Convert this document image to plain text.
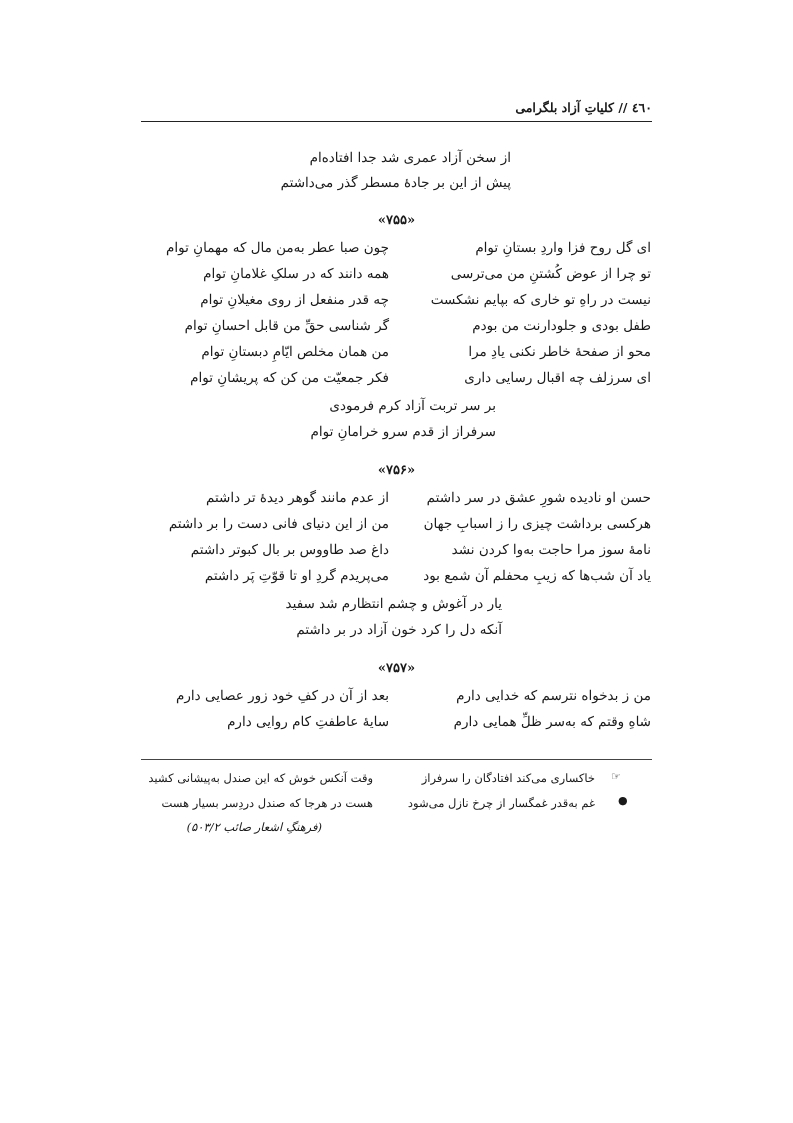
٤٦٠ // کلیاتِ آزاد بلگرامی
از سخن آزاد عمری شد جدا افتاده‌ام
پیش از این بر جادهٔ مسطر گذر می‌داشتم
«۷۵۵»
ای گل روح فزا واردِ بستانِ توام
چون صبا عطر به‌من مال که مهمانِ توام
تو چرا از عوض کُشتنِ من می‌ترسی
همه دانند که در سلکِ غلامانِ توام
نیست در راهِ تو خاری که بپایم نشکست
چه قدر منفعل از روی مغیلانِ توام
طفل بودی و جلودارنت من بودم
گر شناسی حقِّ من قابل احسانِ توام
محو از صفحهٔ خاطر نکنی یادِ مرا
من همان مخلص ایّامِ دبستانِ توام
ای سرزلف چه اقبال رسایی داری
فکر جمعیّت من کن که پریشانِ توام
بر سر تربت آزاد کرم فرمودی
سرفراز از قدم سرو خرامانِ توام
«۷۵۶»
حسن او نادیده شورِ عشق در سر داشتم
از عدم مانند گوهر دیدهٔ تر داشتم
هرکسی برداشت چیزی را ز اسبابِ جهان
من از این دنیای فانی دست را بر داشتم
نامهٔ سوز مرا حاجت به‌وا کردن نشد
داغ صد طاووس بر بال کبوتر داشتم
یاد آن شب‌ها که زیبِ محفلم آن شمع بود
می‌پریدم گردِ او تا قوّتِ پَر داشتم
یار در آغوش و چشم انتظارم شد سفید
آنکه دل را کرد خون آزاد در بر داشتم
«۷۵۷»
من ز بدخواه نترسم که خدایی دارم
بعد از آن در کفِ خود زور عصایی دارم
شاهِ وقتم که به‌سر ظلِّ همایی دارم
سایهٔ عاطفتِ کام روایی دارم
☞
خاکساری می‌کند افتادگان را سرفراز
وقت آنکس خوش که این صندل به‌پیشانی کشید
●
غم به‌قدر غمگسار از چرخ نازل می‌شود
هست در هرجا که صندل دردِسر بسیار هست
(فرهنگِ اشعار صائب ۵۰۳/۲)
